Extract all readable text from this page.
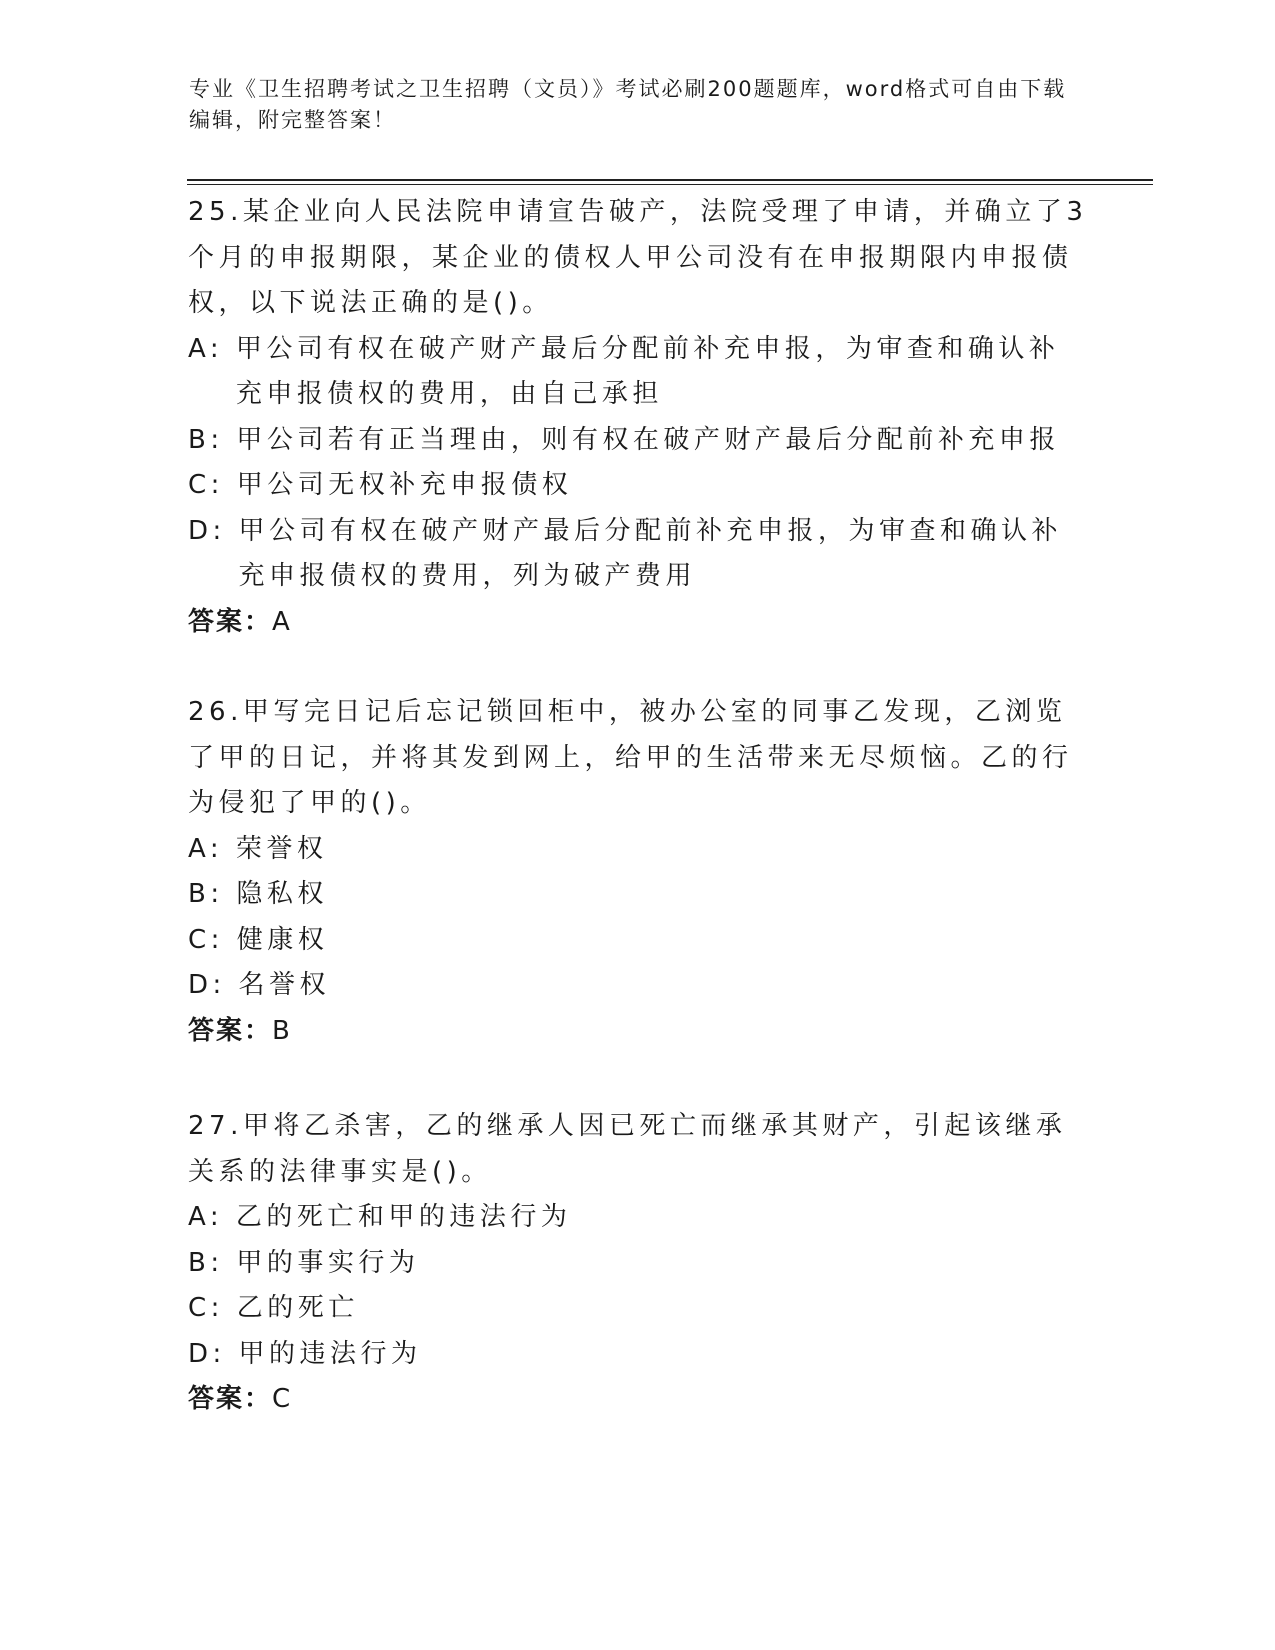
专业《卫生招聘考试之卫生招聘（文员）》考试必刷200题题库，word格式可自由下载编辑，附完整答案！

25.某企业向人民法院申请宣告破产，法院受理了申请，并确立了3个月的申报期限，某企业的债权人甲公司没有在申报期限内申报债权，以下说法正确的是()。

A: 甲公司有权在破产财产最后分配前补充申报，为审查和确认补充申报债权的费用，由自己承担
B: 甲公司若有正当理由，则有权在破产财产最后分配前补充申报
C: 甲公司无权补充申报债权
D: 甲公司有权在破产财产最后分配前补充申报，为审查和确认补充申报债权的费用，列为破产费用

答案：A

26.甲写完日记后忘记锁回柜中，被办公室的同事乙发现，乙浏览了甲的日记，并将其发到网上，给甲的生活带来无尽烦恼。乙的行为侵犯了甲的()。

A: 荣誉权
B: 隐私权
C: 健康权
D: 名誉权

答案：B

27.甲将乙杀害，乙的继承人因已死亡而继承其财产，引起该继承关系的法律事实是()。

A: 乙的死亡和甲的违法行为
B: 甲的事实行为
C: 乙的死亡
D: 甲的违法行为

答案：C
